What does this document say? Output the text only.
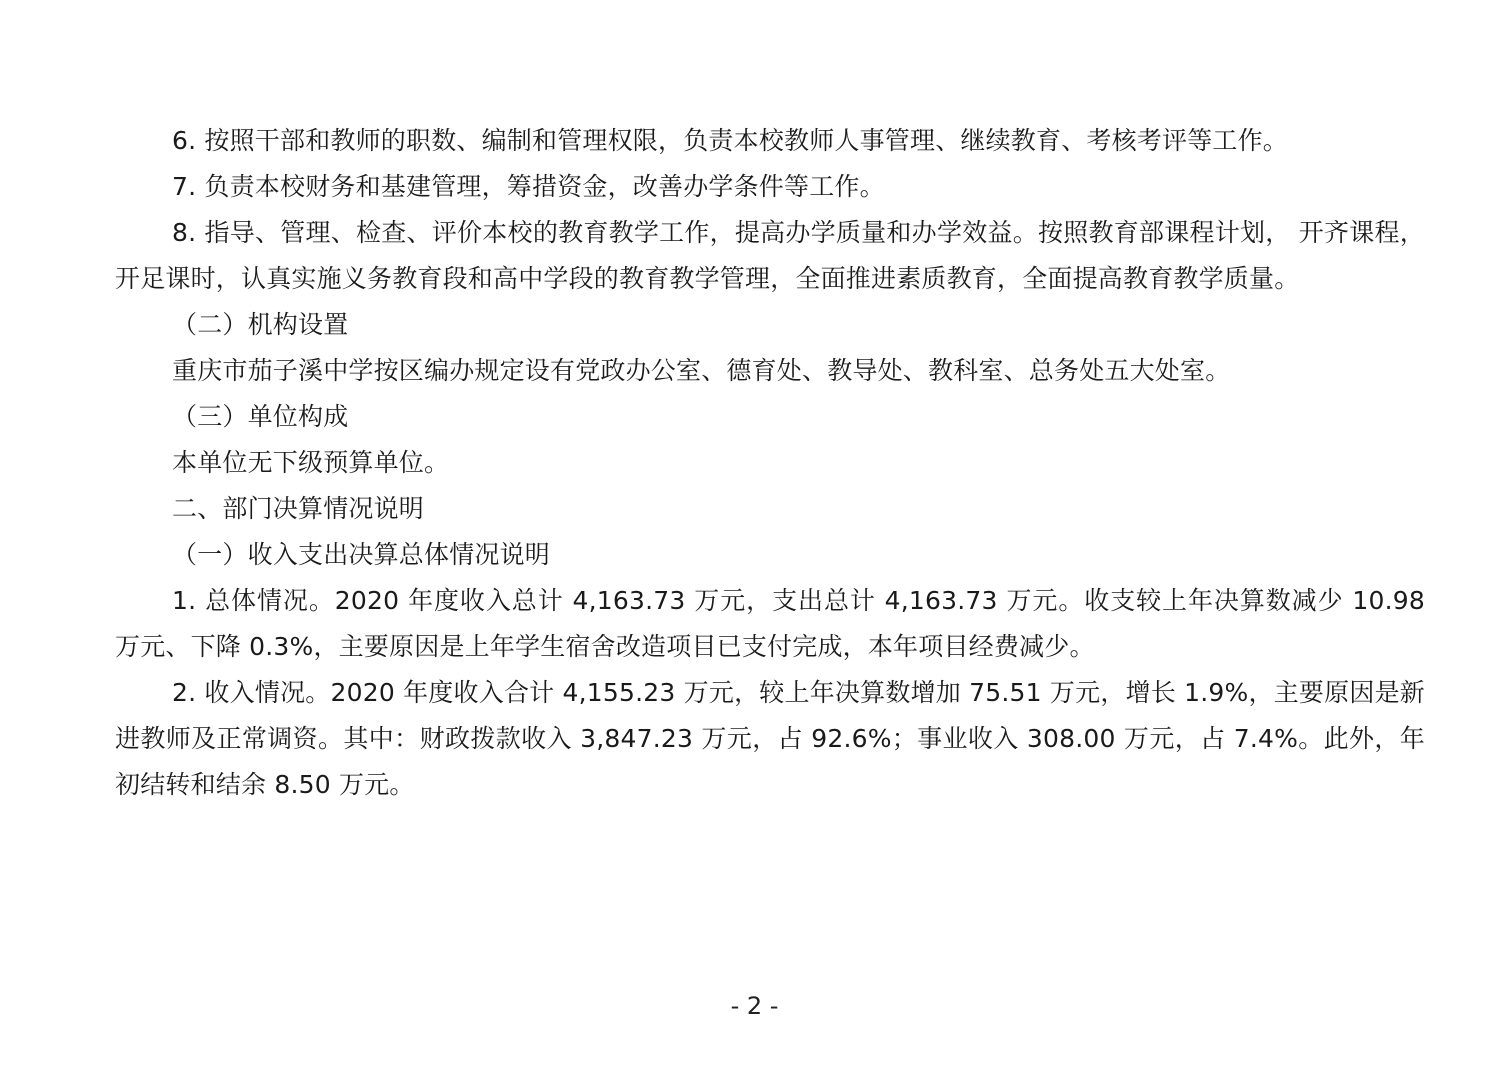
6. 按照干部和教师的职数、编制和管理权限，负责本校教师人事管理、继续教育、考核考评等工作。

7. 负责本校财务和基建管理，筹措资金，改善办学条件等工作。

8. 指导、管理、检查、评价本校的教育教学工作，提高办学质量和办学效益。按照教育部课程计划， 开齐课程，开足课时，认真实施义务教育段和高中学段的教育教学管理，全面推进素质教育，全面提高教育教学质量。

（二）机构设置

重庆市茄子溪中学按区编办规定设有党政办公室、德育处、教导处、教科室、总务处五大处室。

（三）单位构成

本单位无下级预算单位。

二、部门决算情况说明

（一）收入支出决算总体情况说明

1. 总体情况。2020 年度收入总计 4,163.73 万元，支出总计 4,163.73 万元。收支较上年决算数减少 10.98 万元、下降 0.3%，主要原因是上年学生宿舍改造项目已支付完成，本年项目经费减少。

2. 收入情况。2020 年度收入合计 4,155.23 万元，较上年决算数增加 75.51 万元，增长 1.9%，主要原因是新进教师及正常调资。其中：财政拨款收入 3,847.23 万元，占 92.6%；事业收入 308.00 万元，占 7.4%。此外，年初结转和结余 8.50 万元。

- 2 -
